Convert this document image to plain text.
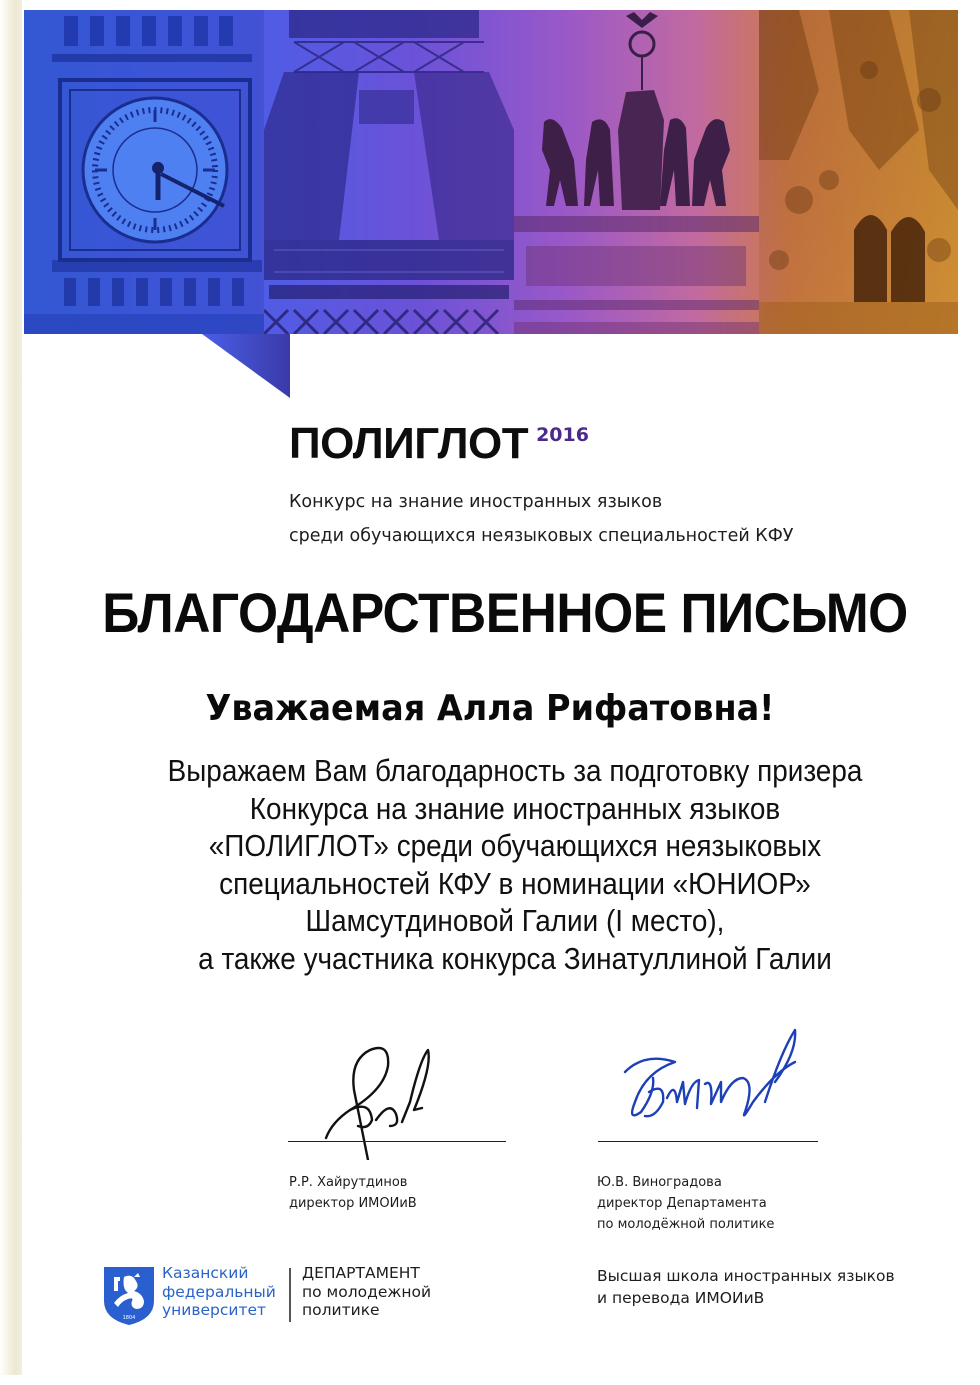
ПОЛИГЛОТ 2016
Конкурс на знание иностранных языков
среди обучающихся неязыковых специальностей КФУ
БЛАГОДАРСТВЕННОЕ ПИСЬМО
Уважаемая Алла Рифатовна!
Выражаем Вам благодарность за подготовку призера
Конкурса на знание иностранных языков
«ПОЛИГЛОТ» среди обучающихся неязыковых
специальностей КФУ в номинации «ЮНИОР»
Шамсутдиновой Галии (I место),
а также участника конкурса Зинатуллиной Галии
Р.Р. Хайрутдинов
директор ИМОИиВ
Ю.В. Виноградова
директор Департамента
по молодёжной политике
1804
Казанский
федеральный
университет
ДЕПАРТАМЕНТ
по молодежной
политике
Высшая школа иностранных языков
и перевода ИМОИиВ
